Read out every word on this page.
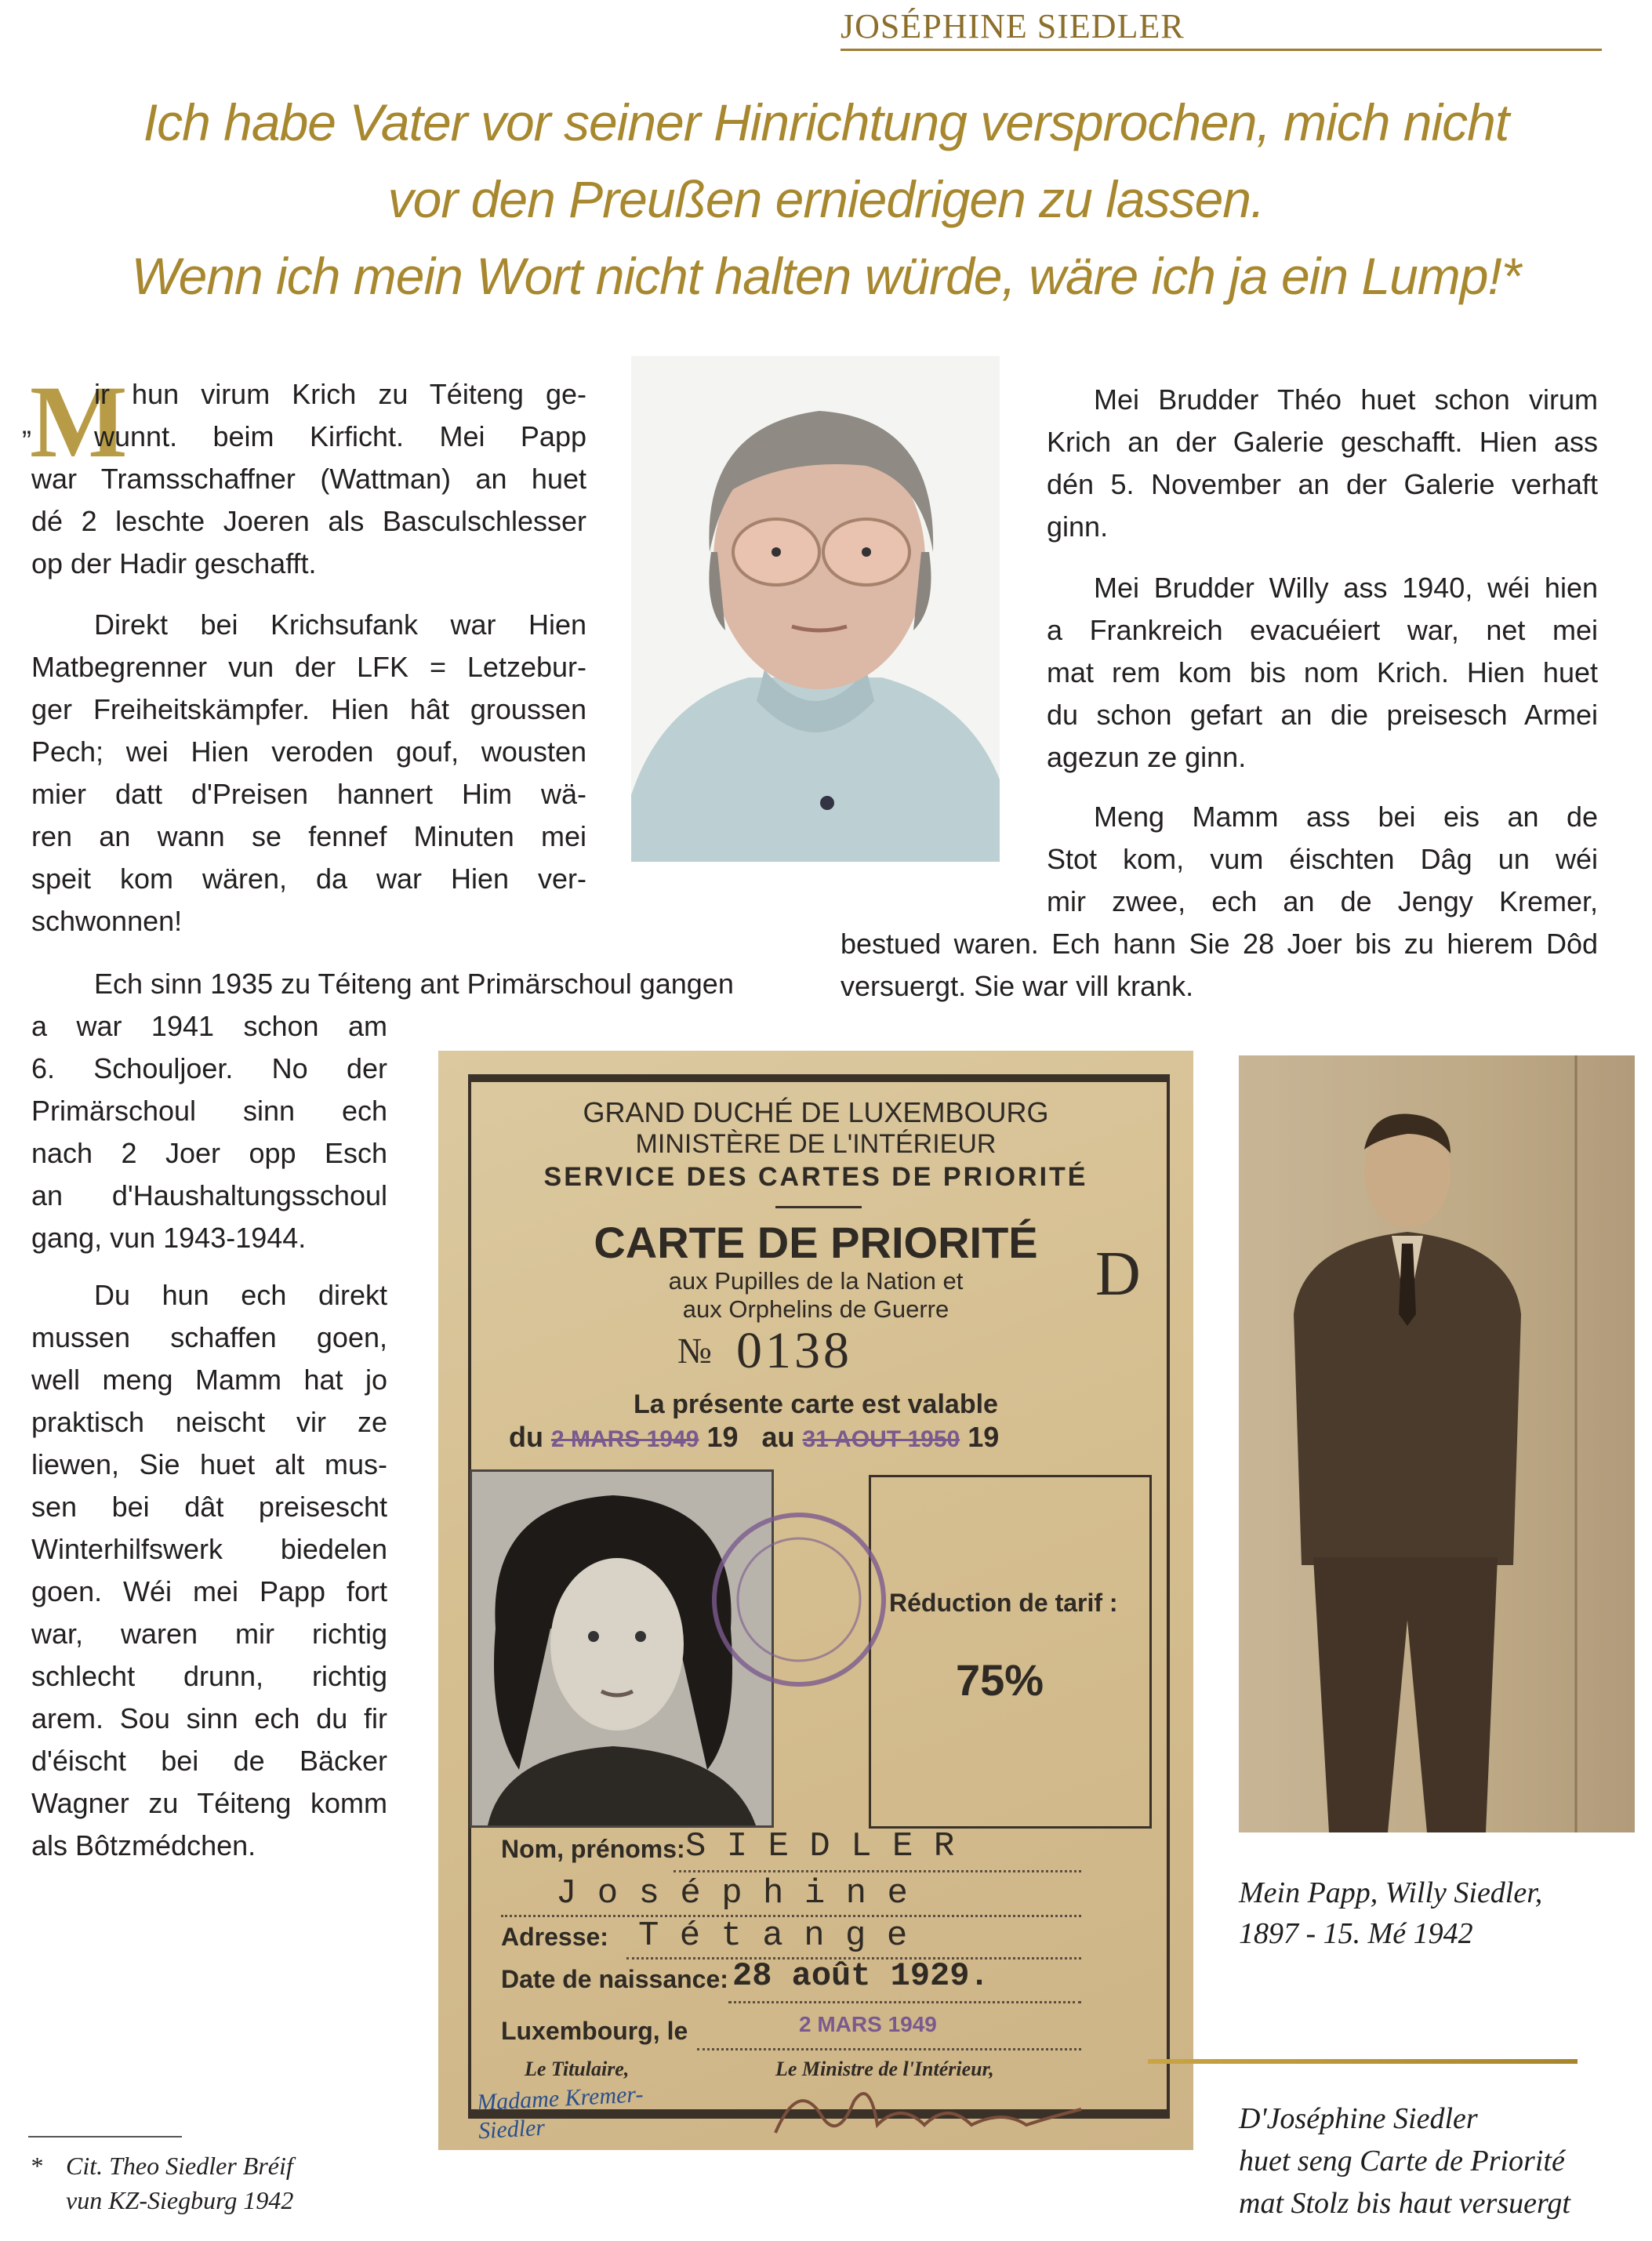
JOSÉPHINE SIEDLER
Ich habe Vater vor seiner Hinrichtung versprochen, mich nicht
vor den Preußen erniedrigen zu lassen.
Wenn ich mein Wort nicht halten würde, wäre ich ja ein Lump!*
M
„
ir hun virum Krich zu Téiteng ge-
wunnt. beim Kirficht. Mei Papp
war Tramsschaffner (Wattman) an huet
dé 2 leschte Joeren als Basculschlesser
op der Hadir geschafft.
Direkt bei Krichsufank war Hien
Matbegrenner vun der LFK = Letzebur-
ger Freiheitskämpfer. Hien hât groussen
Pech; wei Hien veroden gouf, wousten
mier datt d'Preisen hannert Him wä-
ren an wann se fennef Minuten mei
speit kom wären, da war Hien ver-
schwonnen!
Ech sinn 1935 zu Téiteng ant Primärschoul gangen
a war 1941 schon am
6. Schouljoer. No der
Primärschoul sinn ech
nach 2 Joer opp Esch
an d'Haushaltungsschoul
gang, vun 1943-1944.
Du hun ech direkt
mussen schaffen goen,
well meng Mamm hat jo
praktisch neischt vir ze
liewen, Sie huet alt mus-
sen bei dât preisescht
Winterhilfswerk biedelen
goen. Wéi mei Papp fort
war, waren mir richtig
schlecht drunn, richtig
arem. Sou sinn ech du fir
d'éischt bei de Bäcker
Wagner zu Téiteng komm
als Bôtzmédchen.
Mei Brudder Théo huet schon virum
Krich an der Galerie geschafft. Hien ass
dén 5. November an der Galerie verhaft
ginn.
Mei Brudder Willy ass 1940, wéi hien
a Frankreich evacuéiert war, net mei
mat rem kom bis nom Krich. Hien huet
du schon gefart an die preisesch Armei
agezun ze ginn.
Meng Mamm ass bei eis an de
Stot kom, vum éischten Dâg un wéi
mir zwee, ech an de Jengy Kremer,
bestued waren. Ech hann Sie 28 Joer bis zu hierem Dôd
versuergt. Sie war vill krank.
GRAND DUCHÉ DE LUXEMBOURG
MINISTÈRE DE L'INTÉRIEUR
SERVICE DES CARTES DE PRIORITÉ
CARTE DE PRIORITÉ D
aux Pupilles de la Nation et
aux Orphelins de Guerre
№ 0138
La présente carte est valable
du 2 MARS 1949 19 au 31 AOUT 1950 19
Réduction de tarif :
75%
Nom, prénoms: S I E D L E R
J o s é p h i n e
Adresse: T é t a n g e
Date de naissance: 28 août 1929.
Luxembourg, le	2 MARS 1949
Le Titulaire,	Le Ministre de l'Intérieur,
Madame Kremer-Siedler
Mein Papp, Willy Siedler,
1897 - 15. Mé 1942
D'Joséphine Siedler
huet seng Carte de Priorité
mat Stolz bis haut versuergt
* Cit. Theo Siedler Bréif
vun KZ-Siegburg 1942
